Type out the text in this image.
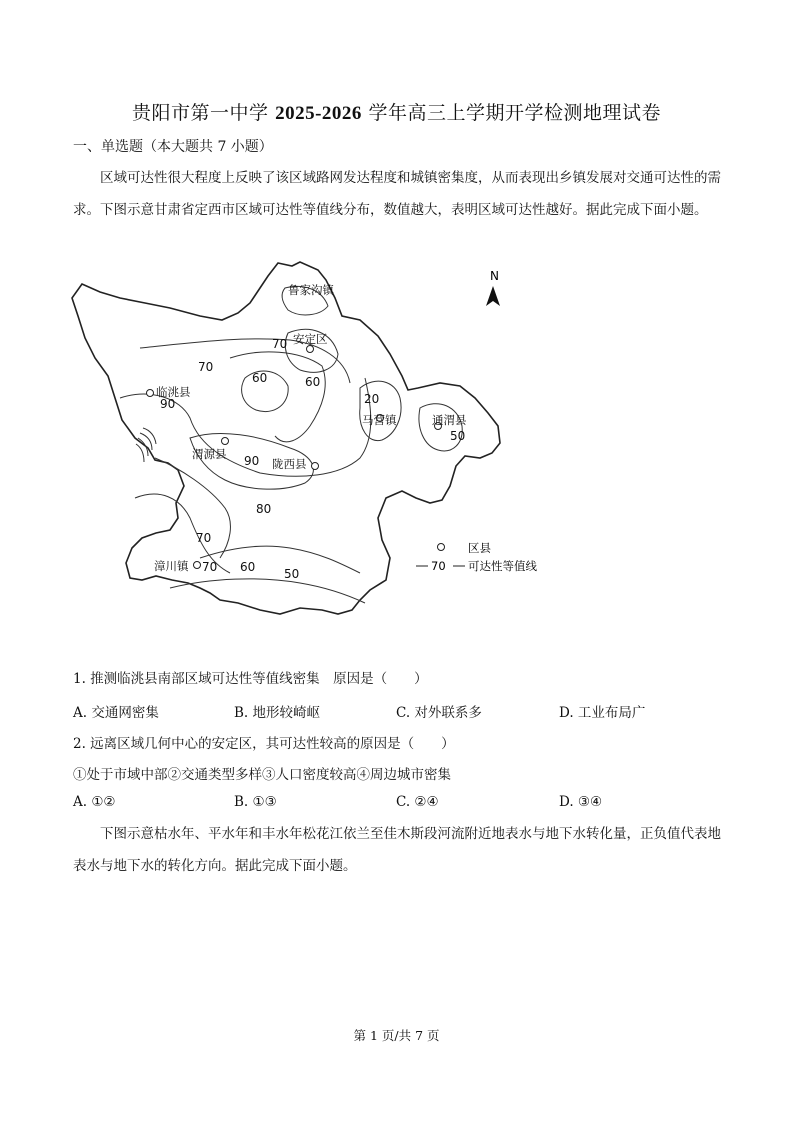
贵阳市第一中学 2025-2026 学年高三上学期开学检测地理试卷
一、单选题（本大题共 7 小题）
区域可达性很大程度上反映了该区域路网发达程度和城镇密集度，从而表现出乡镇发展对交通可达性的需求。下图示意甘肃省定西市区域可达性等值线分布，数值越大，表明区域可达性越好。据此完成下面小题。
N
鲁家沟镇
安定区
临洮县
渭源县
陇西县
马营镇	通渭县
漳川镇
70
70
60	60
90
90
20
50
80
70
70 60 50
区县
70 可达性等值线
1. 推测临洮县南部区域可达性等值线密集　原因是（　　）
A. 交通网密集	B. 地形较崎岖	C. 对外联系多	D. 工业布局广
2. 远离区域几何中心的安定区，其可达性较高的原因是（　　）
①处于市域中部②交通类型多样③人口密度较高④周边城市密集
A. ①②	B. ①③	C. ②④	D. ③④
下图示意枯水年、平水年和丰水年松花江依兰至佳木斯段河流附近地表水与地下水转化量，正负值代表地表水与地下水的转化方向。据此完成下面小题。
第 1 页/共 7 页
